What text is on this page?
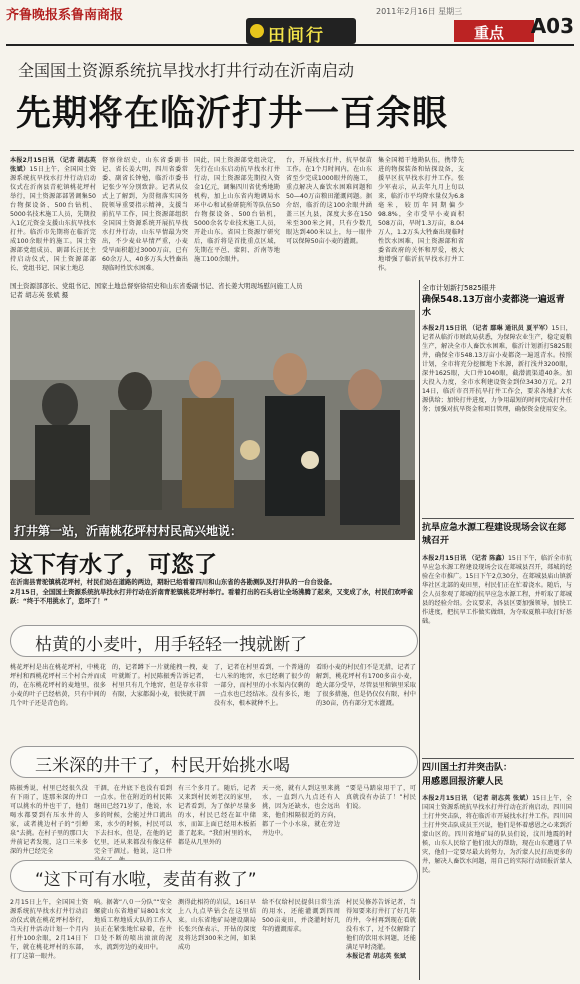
齐鲁晚报系鲁南商报	2011年2月16日 星期三
田间行	重点 A03
全国国土资源系统抗旱找水打井行动在沂南启动
先期将在临沂打井一百余眼
本报2月15日讯 （记者 胡志英 张斌）15日上午，全国国土资源系统抗旱找水打井行动启动仪式在沂南县青驼镇桃花坪村举行，国土资源部部署调集50台物探设备、500台钻机、5000名技术施工人员，先期投入1亿元资金支援山东抗旱找水打井。临沂市先期将在临沂完成100余眼井的施工。国土资源部党组成员、副部长汪民主持启动仪式，国土资源部部长、党组书记、国家土地总
督察徐绍史，山东省委副书记、省长姜大明，四川省委常委、副省长钟勉，临沂市委书记张少军分别致辞。记者从仪式上了解到，为贯彻落实国务院领导重要指示精神，支援当前抗旱工作，国土资源部组织全国国土资源系统开展抗旱找水打井行动，山东旱情最为突出，不少麦业早情严重，小麦受旱面积超过3000万亩，已有60余万人，40多万头大牲畜出现临时性饮水困难。
国此，国土资源部党组决定，先行在山东启动抗旱找水打井行动，国土资源部先期投入资金1亿元，调集四川省优秀地勘机构，加上山东省内地调局水环中心和试验研院所等队伍50台物探设备、500台钻机，5000余名专业技术施工人员，开赴山东。省国土资源厅研究后，临沂将是首批重点区域，先期在平邑、蒙阴、沂南等地施工100余眼井。
台，开展找水打井，抗旱保苗工作。在1个月时间内，在山东省至少完成1000眼井的施工，重点解决人畜饮水困难问题和50—40万亩粮田灌溉问题。据介绍，临沂的这100余眼井涵盖三区九县，深度大多在150米至300米之间，只有少数几眼达到400米以上，每一眼井可以保障50亩小麦的灌溉。
集全国精干地勘队伍，携带先进的物探装备和钻探设备，支援旱区抗旱找水打井工作。张少军表示，从去年九月上旬以来，临沂市平均降水量仅为6.8毫米，较历年同期偏少98.8%，全市受旱小麦面积508万亩，旱时1.3万亩，8.04万人，1.2万头大牲畜出现临时性饮水困难，国土资源部和省委省政府的关怀和厚爱，极大地增强了临沂抗旱找水打井工作。
国土资源部部长、党组书记、国家土地总督察徐绍史和山东省委副书记、省长姜大明现场慰问施工人员
记者 胡志英 张斌 摄
打井第一站，沂南桃花坪村村民高兴地说：
这下有水了，可恣了
在沂南县青驼镇桃花坪村，村民们站在道路的两边，期盼已给看着四川和山东省的各勘测队及打井队的一台台设备。
2月15日，全国国土资源系统抗旱找水打井行动在沂南青驼镇桃花坪村举行。看着打出的石头岩让全场沸腾了起来，又变成了水，村民们欢呼雀跃：“终于不用挑水了，恣坏了！”
枯黄的小麦叶，用手轻轻一拽就断了
桃花坪村是出在桃花坪村，中桃花坪村和西桃花坪村三个村合并而成的，在东桃花坪村的麦地里，很多小麦的叶子已经枯黄，只有中间的几个叶子还是青色的。
的，记者蹲下一片就能拽一拽，麦叶就断了。村民陈振秀告诉记者，村里只有几个地窖，但是存水非常有限，大家都渴小麦，很快就干涸
了，记者在村里看到，一个普通的七八米的地窖，水已经剩了很少的一部分，而村里的小水渠内仅剩的一点水也已经结冰。没有多长，地没有水，根本就种不上。
看盼小麦的村民们不是无措，记者了解到，桃花坪村有1700多亩小麦，绝大部分受旱，尽管县里和镇里采取了很多措施，但是仍仅仅有限，村中的30亩，仍有部分无水灌溉。
三米深的井干了，村民开始挑水喝
陈振秀说，村里已经很久没有下雨了，连那米深的井口可以挑水的井也干了，他们喝水都要到有压水井的人家，或者挑边村子的“引蝉泉”去挑。在村子里的那口大井前记者发现，这口三米多深的井已经完全
干涸，在井底下也没有看到一点水。住在附近的村民陈继田已经71岁了，他说，水多的时候，会能过井口流出来，水少的时候，村民可以下去扫水，但是，在他的记忆里，还从来都没有像这样完全干涸过。他说，这口井
有三个多月了。随后，记者又来到村民刘老汉的家里，记者看到，为了保护尽量多的水，村民已经在缸中储水，而缸上面已经用木板拓盖了起来。“我们村里的水，都是从几里外的
天一亮，就有人到这里来挑水，一直到八九点还有人挑，因为还缺水，也会远出来，他们相隔很近的方向，都了一个小水泉，就在旁边井边中。
“要是马踏泉用干了，可真就没有办法了！”村民们说。
“这下可有水啦，麦苗有救了”
2月15日上午，全国国土资源系统抗旱找水打井行动启动仪式就在桃花坪村举行，当天打井活动计划一个月内打井100余眼，2月14日下午，就在桃花坪村的东部，打了这第一眼井。
响。据著“八０一分队”“安全螺旋山东省地矿局801水文地质工程地质大队的工作人员正在紧张地忙碌着，在井口处不断的喷出滚滚的泥水，流到旁边的麦田中。
测得此相符的岩层，16日早上八九点毕钻会在这里结束。山东省地矿局建设副局长张兴保表示，开钻的深度及将达到300米之间，如果成功
给不仅给村民提供日常生活的用水，还能灌溉到四周500亩麦田，并浇灌时好几年的灌溉需求。
村民吴修苏告诉记者，当得知要来打井打了好几年的井，今村再到现在看就没有水了，过不仅解除了他们的饮用水问题，还能满足旱时浇灌。
本报记者 胡志英 张斌
全市计划新打5825眼井
确保548.13万亩小麦都浇一遍返青水
本报2月15日讯 （记者 鄢琳 通讯员 夏平军）15日，记者从临沂市财政局获悉，为保障农业生产，稳定夏粮生产，解决全市人畜饮水困难，临沂计划新打5825眼井，确保全市548.13万亩小麦都浇一遍返青水。按照计划，全市将充分挖掘地下水源，新打浅井3200眼，深井1625眼，大口井1040眼，截潜流渠道40条。加大投入力度，全市水利建设资金到位3430万元。2月14日，临沂市召开抗旱打井工作会，要求各地扩大水源供给；加快打井进度，力争用最短的时间完成打井任务；加强对抗旱资金和项目管理，确保资金使用安全。
抗旱应急水源工程建设现场会议在郯城召开
本报2月15日讯 （记者 陈鑫）15日下午，临沂全市抗旱应急水源工程建设现场会议在郯城县召开，郯城的经验在全市推广。15日下午2点30分，在郯城县庙山镇新华社区北部的麦田里，村民们正在忙着浇水。随后，与会人员参观了郯城的抗旱应急水源工程，并听取了郯城县的经验介绍。会议要求，各县区要加强领导，加快工作进度，把抗旱工作做实做细，为夺取夏粮丰收打好基础。
四川国土打井突击队：
用感恩回报济蒙人民
本报2月15日讯 （记者 胡志英 张斌）15日上午，全国国土资源系统抗旱找水打井行动在沂南启动，四川国土打井突击队，将在临沂市开展找水打井工作。四川国土打井突击队成员王兴说，他们是怀着感恩之心来到沂蒙山区的。四川省地矿局的队员们说，汶川地震的时候，山东人民给了他们很大的帮助，现在山东遭遇了旱灾，他们一定要尽最大的努力，为沂蒙人民打出更多的井，解决人畜饮水问题，用自己的实际行动回报沂蒙人民。
